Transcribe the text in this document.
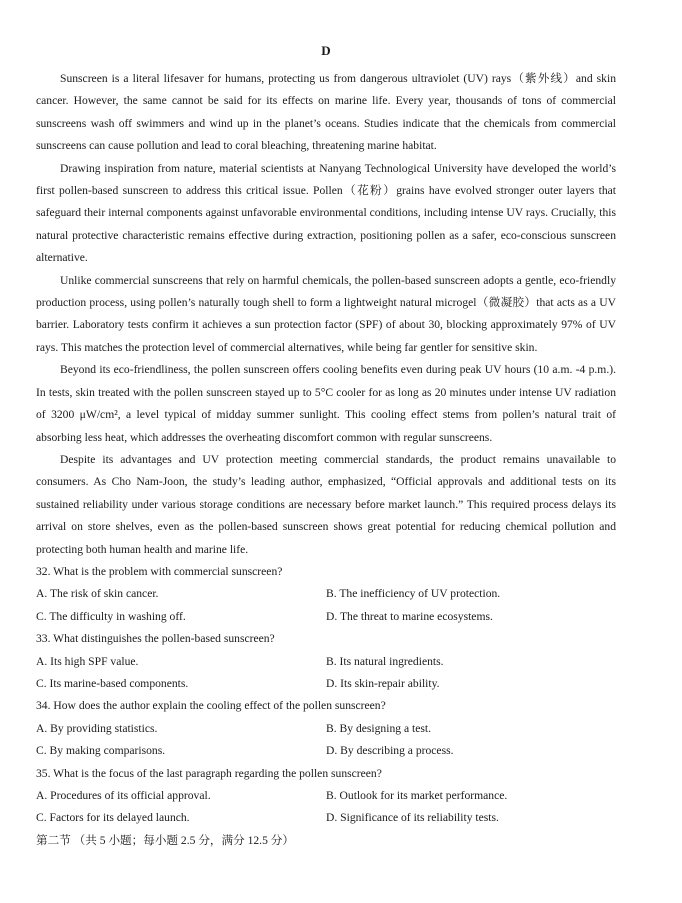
D

Sunscreen is a literal lifesaver for humans, protecting us from dangerous ultraviolet (UV) rays（紫外线）and skin cancer. However, the same cannot be said for its effects on marine life. Every year, thousands of tons of commercial sunscreens wash off swimmers and wind up in the planet’s oceans. Studies indicate that the chemicals from commercial sunscreens can cause pollution and lead to coral bleaching, threatening marine habitat.

Drawing inspiration from nature, material scientists at Nanyang Technological University have developed the world’s first pollen-based sunscreen to address this critical issue. Pollen（花粉）grains have evolved stronger outer layers that safeguard their internal components against unfavorable environmental conditions, including intense UV rays. Crucially, this natural protective characteristic remains effective during extraction, positioning pollen as a safer, eco-conscious sunscreen alternative.

Unlike commercial sunscreens that rely on harmful chemicals, the pollen-based sunscreen adopts a gentle, eco-friendly production process, using pollen’s naturally tough shell to form a lightweight natural microgel（微凝胶）that acts as a UV barrier. Laboratory tests confirm it achieves a sun protection factor (SPF) of about 30, blocking approximately 97% of UV rays. This matches the protection level of commercial alternatives, while being far gentler for sensitive skin.

Beyond its eco-friendliness, the pollen sunscreen offers cooling benefits even during peak UV hours (10 a.m. -4 p.m.). In tests, skin treated with the pollen sunscreen stayed up to 5°C cooler for as long as 20 minutes under intense UV radiation of 3200 μW/cm², a level typical of midday summer sunlight. This cooling effect stems from pollen’s natural trait of absorbing less heat, which addresses the overheating discomfort common with regular sunscreens.

Despite its advantages and UV protection meeting commercial standards, the product remains unavailable to consumers. As Cho Nam-Joon, the study’s leading author, emphasized, “Official approvals and additional tests on its sustained reliability under various storage conditions are necessary before market launch.” This required process delays its arrival on store shelves, even as the pollen-based sunscreen shows great potential for reducing chemical pollution and protecting both human health and marine life.

32. What is the problem with commercial sunscreen?

A. The risk of skin cancer.	B. The inefficiency of UV protection.
C. The difficulty in washing off.	D. The threat to marine ecosystems.

33. What distinguishes the pollen-based sunscreen?

A. Its high SPF value.	B. Its natural ingredients.
C. Its marine-based components.	D. Its skin-repair ability.

34. How does the author explain the cooling effect of the pollen sunscreen?

A. By providing statistics.	B. By designing a test.
C. By making comparisons.	D. By describing a process.

35. What is the focus of the last paragraph regarding the pollen sunscreen?

A. Procedures of its official approval.	B. Outlook for its market performance.
C. Factors for its delayed launch.	D. Significance of its reliability tests.

第二节 （共 5 小题；每小题 2.5 分，满分 12.5 分）
